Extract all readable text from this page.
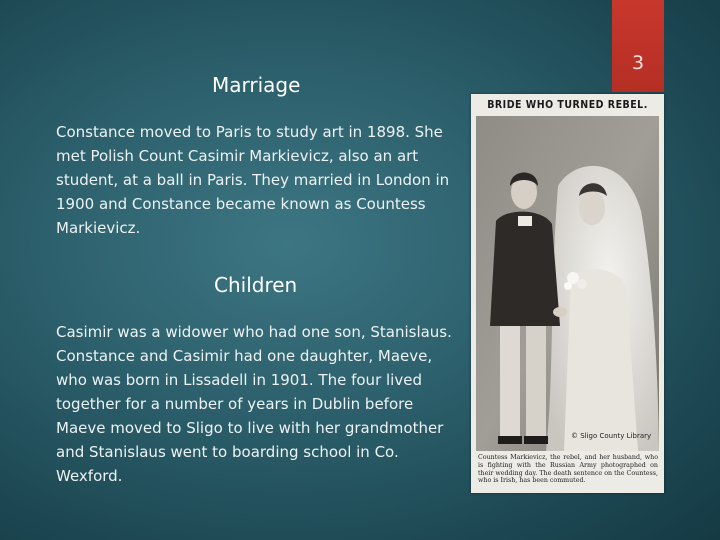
3
Marriage
Constance moved to Paris to study art in 1898. She met Polish Count Casimir Markievicz, also an art student, at a ball in Paris. They married in London in 1900 and Constance became known as Countess Markievicz.
Children
Casimir was a widower who had one son, Stanislaus. Constance and Casimir had one daughter, Maeve, who was born in Lissadell in 1901. The four lived together for a number of years in Dublin before Maeve moved to Sligo to live with her grandmother and Stanislaus went to boarding school in Co. Wexford.
BRIDE WHO TURNED REBEL.
© Sligo County Library
Countess Markievicz, the rebel, and her husband, who is fighting with the Russian Army photographed on their wedding day. The death sentence on the Countess, who is Irish, has been commuted.
